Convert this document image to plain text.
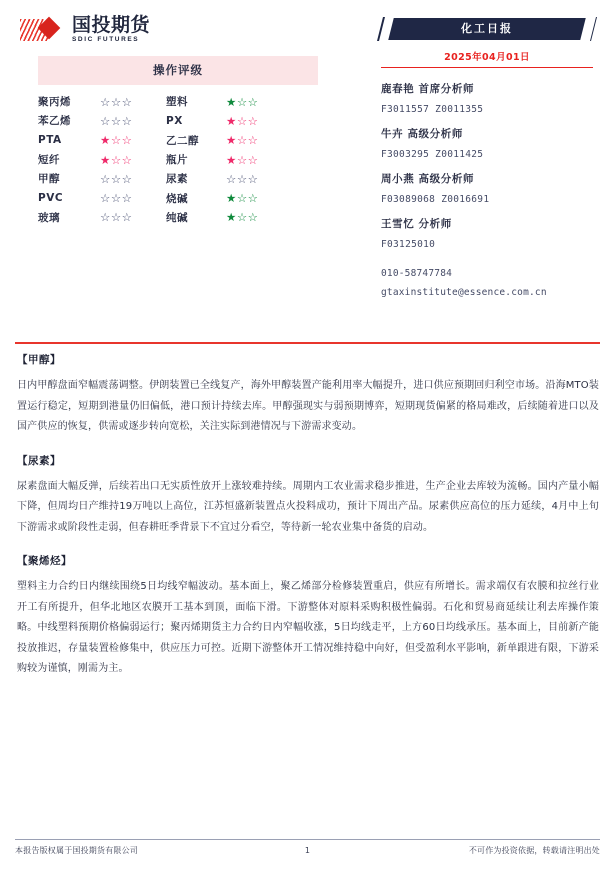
国投期货
SDIC FUTURES
操作评级
聚丙烯	☆☆☆	塑料	★☆☆
苯乙烯	☆☆☆	PX	★☆☆
PTA	★☆☆	乙二醇	★☆☆
短纤	★☆☆	瓶片	★☆☆
甲醇	☆☆☆	尿素	☆☆☆
PVC	☆☆☆	烧碱	★☆☆
玻璃	☆☆☆	纯碱	★☆☆
化工日报
2025年04月01日
鹿春艳 首席分析师
F3011557 Z0011355
牛卉 高级分析师
F3003295 Z0011425
周小燕 高级分析师
F03089068 Z0016691
王雪忆 分析师
F03125010
010-58747784
gtaxinstitute@essence.com.cn
【甲醇】
日内甲醇盘面窄幅震荡调整。伊朗装置已全线复产，海外甲醇装置产能利用率大幅提升，进口供应预期回归利空市场。沿海MTO装置运行稳定，短期到港量仍旧偏低，港口预计持续去库。甲醇强现实与弱预期博弈，短期现货偏紧的格局难改，后续随着进口以及国产供应的恢复，供需或逐步转向宽松，关注实际到港情况与下游需求变动。
【尿素】
尿素盘面大幅反弹，后续若出口无实质性放开上涨较难持续。周期内工农业需求稳步推进，生产企业去库较为流畅。国内产量小幅下降，但周均日产维持19万吨以上高位，江苏恒盛新装置点火投料成功，预计下周出产品。尿素供应高位的压力延续，4月中上旬下游需求或阶段性走弱，但春耕旺季背景下不宜过分看空，等待新一轮农业集中备货的启动。
【聚烯烃】
塑料主力合约日内继续围绕5日均线窄幅波动。基本面上，聚乙烯部分检修装置重启，供应有所增长。需求端仅有农膜和拉丝行业开工有所提升，但华北地区农膜开工基本到顶，面临下滑。下游整体对原料采购积极性偏弱。石化和贸易商延续让利去库操作策略。中线塑料预期价格偏弱运行；聚丙烯期货主力合约日内窄幅收涨，5日均线走平，上方60日均线承压。基本面上，目前新产能投放推迟，存量装置检修集中，供应压力可控。近期下游整体开工情况维持稳中向好，但受盈利水平影响，新单跟进有限，下游采购较为谨慎，刚需为主。
本报告版权属于国投期货有限公司	1	不可作为投资依据，转载请注明出处
